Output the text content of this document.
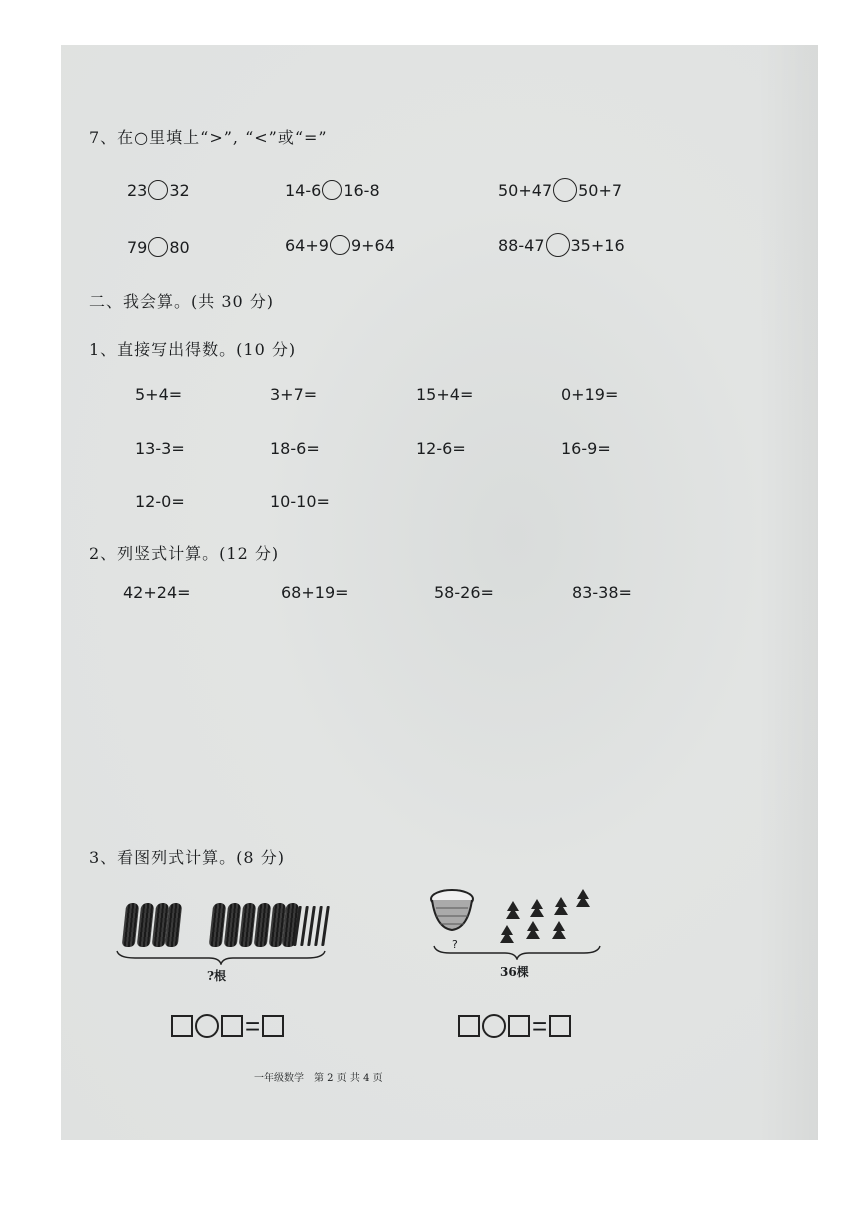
7、在○里填上“>”, “<”或“=”
23 32	14-6 16-8	50+47 50+7
79 80	64+9 9+64	88-47 35+16
二、我会算。(共 30 分)
1、直接写出得数。(10 分)
5+4=	3+7=	15+4=	0+19=
13-3=	18-6=	12-6=	16-9=
12-0=	10-10=
2、列竖式计算。(12 分)
42+24=	68+19=	58-26=	83-38=
3、看图列式计算。(8 分)
?根
?
36棵
=	=
一年级数学　第 2 页 共 4 页
